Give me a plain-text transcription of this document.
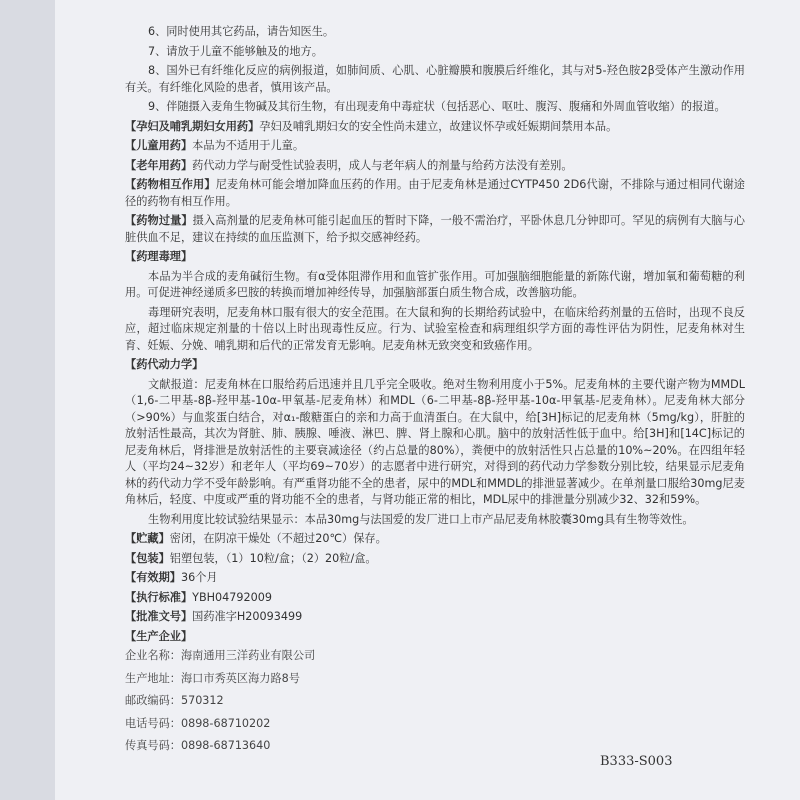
6、同时使用其它药品，请告知医生。

7、请放于儿童不能够触及的地方。

8、国外已有纤维化反应的病例报道，如肺间质、心肌、心脏瓣膜和腹膜后纤维化，其与对5-羟色胺2β受体产生激动作用有关。有纤维化风险的患者，慎用该产品。

9、伴随摄入麦角生物碱及其衍生物，有出现麦角中毒症状（包括恶心、呕吐、腹泻、腹痛和外周血管收缩）的报道。

【孕妇及哺乳期妇女用药】孕妇及哺乳期妇女的安全性尚未建立，故建议怀孕或妊娠期间禁用本品。

【儿童用药】本品为不适用于儿童。

【老年用药】药代动力学与耐受性试验表明，成人与老年病人的剂量与给药方法没有差别。

【药物相互作用】尼麦角林可能会增加降血压药的作用。由于尼麦角林是通过CYTP450 2D6代谢，不排除与通过相同代谢途径的药物有相互作用。

【药物过量】摄入高剂量的尼麦角林可能引起血压的暂时下降，一般不需治疗，平卧休息几分钟即可。罕见的病例有大脑与心脏供血不足，建议在持续的血压监测下，给予拟交感神经药。

【药理毒理】

本品为半合成的麦角碱衍生物。有α受体阻滞作用和血管扩张作用。可加强脑细胞能量的新陈代谢，增加氧和葡萄糖的利用。可促进神经递质多巴胺的转换而增加神经传导，加强脑部蛋白质生物合成，改善脑功能。

毒理研究表明，尼麦角林口服有很大的安全范围。在大鼠和狗的长期给药试验中，在临床给药剂量的五倍时，出现不良反应，超过临床规定剂量的十倍以上时出现毒性反应。行为、试验室检查和病理组织学方面的毒性评估为阴性，尼麦角林对生育、妊娠、分娩、哺乳期和后代的正常发育无影响。尼麦角林无致突变和致癌作用。

【药代动力学】

文献报道：尼麦角林在口服给药后迅速并且几乎完全吸收。绝对生物利用度小于5%。尼麦角林的主要代谢产物为MMDL（1,6-二甲基-8β-羟甲基-10α-甲氧基-尼麦角林）和MDL（6-二甲基-8β-羟甲基-10α-甲氧基-尼麦角林）。尼麦角林大部分（>90%）与血浆蛋白结合，对α₁-酸糖蛋白的亲和力高于血清蛋白。在大鼠中，给[3H]标记的尼麦角林（5mg/kg），肝脏的放射活性最高，其次为肾脏、肺、胰腺、唾液、淋巴、脾、肾上腺和心肌。脑中的放射活性低于血中。给[3H]和[14C]标记的尼麦角林后，肾排泄是放射活性的主要衰减途径（约占总量的80%），粪便中的放射活性只占总量的10%~20%。在四组年轻人（平均24~32岁）和老年人（平均69~70岁）的志愿者中进行研究，对得到的药代动力学参数分别比较，结果显示尼麦角林的药代动力学不受年龄影响。有严重肾功能不全的患者，尿中的MDL和MMDL的排泄显著减少。在单剂量口服给30mg尼麦角林后，轻度、中度或严重的肾功能不全的患者，与肾功能正常的相比，MDL尿中的排泄量分别减少32、32和59%。

生物利用度比较试验结果显示：本品30mg与法国爱的发厂进口上市产品尼麦角林胶囊30mg具有生物等效性。

【贮藏】密闭，在阴凉干燥处（不超过20℃）保存。

【包装】铝塑包装，（1）10粒/盒；（2）20粒/盒。

【有效期】36个月

【执行标准】YBH04792009

【批准文号】国药准字H20093499

【生产企业】

企业名称：海南通用三洋药业有限公司

生产地址：海口市秀英区海力路8号

邮政编码：570312

电话号码：0898-68710202

传真号码：0898-68713640

B333-S003
